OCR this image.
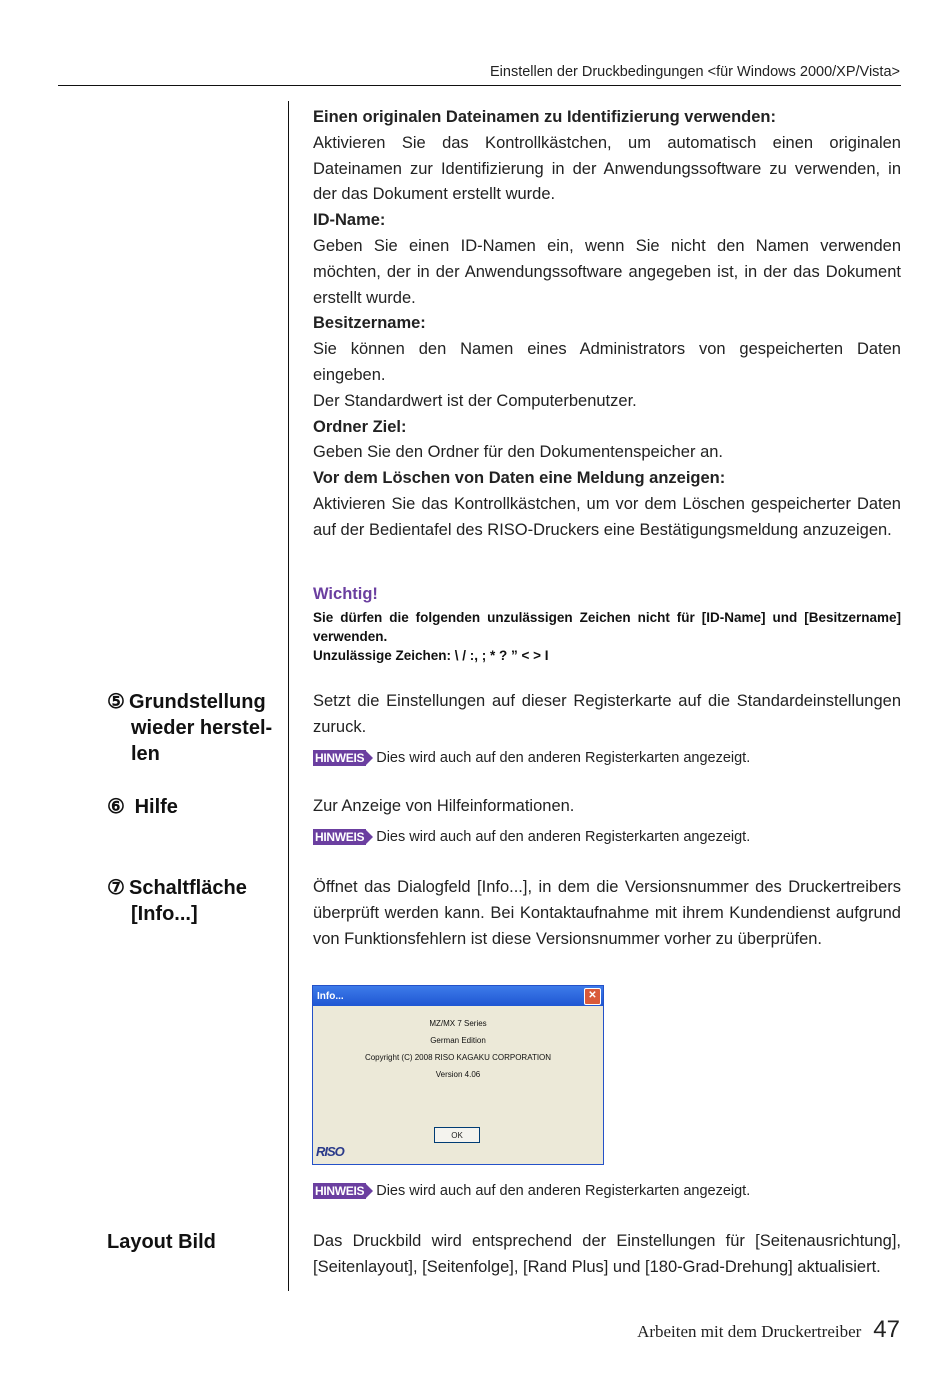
Einstellen der Druckbedingungen <für Windows 2000/XP/Vista>
Einen originalen Dateinamen zu Identifizierung verwenden:
Aktivieren Sie das Kontrollkästchen, um automatisch einen originalen Dateinamen zur Identifizierung in der Anwendungssoftware zu verwenden, in der das Dokument erstellt wurde.
ID-Name:
Geben Sie einen ID-Namen ein, wenn Sie nicht den Namen verwenden möchten, der in der Anwendungssoftware angegeben ist, in der das Dokument erstellt wurde.
Besitzername:
Sie können den Namen eines Administrators von gespeicherten Daten eingeben.
Der Standardwert ist der Computerbenutzer.
Ordner Ziel:
Geben Sie den Ordner für den Dokumentenspeicher an.
Vor dem Löschen von Daten eine Meldung anzeigen:
Aktivieren Sie das Kontrollkästchen, um vor dem Löschen gespeicherter Daten auf der Bedientafel des RISO-Druckers eine Bestätigungsmeldung anzuzeigen.
Wichtig!
Sie dürfen die folgenden unzulässigen Zeichen nicht für [ID-Name] und [Besitzername] verwenden.
Unzulässige Zeichen: \ / :, ; * ? ” < > I
⑤ Grundstellung
wieder herstel-
len
Setzt die Einstellungen auf dieser Registerkarte auf die Standardeinstellungen zuruck.
HINWEIS Dies wird auch auf den anderen Registerkarten angezeigt.
⑥ Hilfe	Zur Anzeige von Hilfeinformationen.
HINWEIS Dies wird auch auf den anderen Registerkarten angezeigt.
⑦ Schaltfläche
[Info...]
Öffnet das Dialogfeld [Info...], in dem die Versionsnummer des Druckertreibers überprüft werden kann. Bei Kontaktaufnahme mit ihrem Kundendienst aufgrund von Funktionsfehlern ist diese Versionsnummer vorher zu überprüfen.
Info...	✕
MZ/MX 7 Series
German Edition
Copyright (C) 2008 RISO KAGAKU CORPORATION
Version 4.06
OK
RISO
HINWEIS Dies wird auch auf den anderen Registerkarten angezeigt.
Layout Bild	Das Druckbild wird entsprechend der Einstellungen für [Seitenausrichtung], [Seitenlayout], [Seitenfolge], [Rand Plus] und [180-Grad-Drehung] aktualisiert.
Arbeiten mit dem Druckertreiber 47
